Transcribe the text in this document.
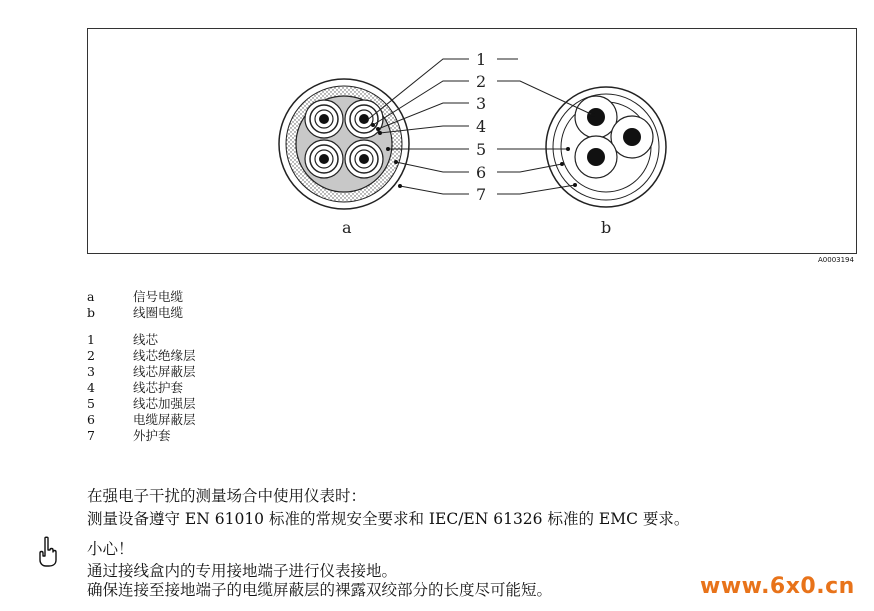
1
2
3
4
5
6
7
a	b
A0003194
a	信号电缆
b	线圈电缆
1	线芯
2	线芯绝缘层
3	线芯屏蔽层
4	线芯护套
5	线芯加强层
6	电缆屏蔽层
7	外护套
在强电子干扰的测量场合中使用仪表时：
测量设备遵守 EN 61010 标准的常规安全要求和 IEC/EN 61326 标准的 EMC 要求。
小心！
通过接线盒内的专用接地端子进行仪表接地。
确保连接至接地端子的电缆屏蔽层的裸露双绞部分的长度尽可能短。	www.6x0.cn
